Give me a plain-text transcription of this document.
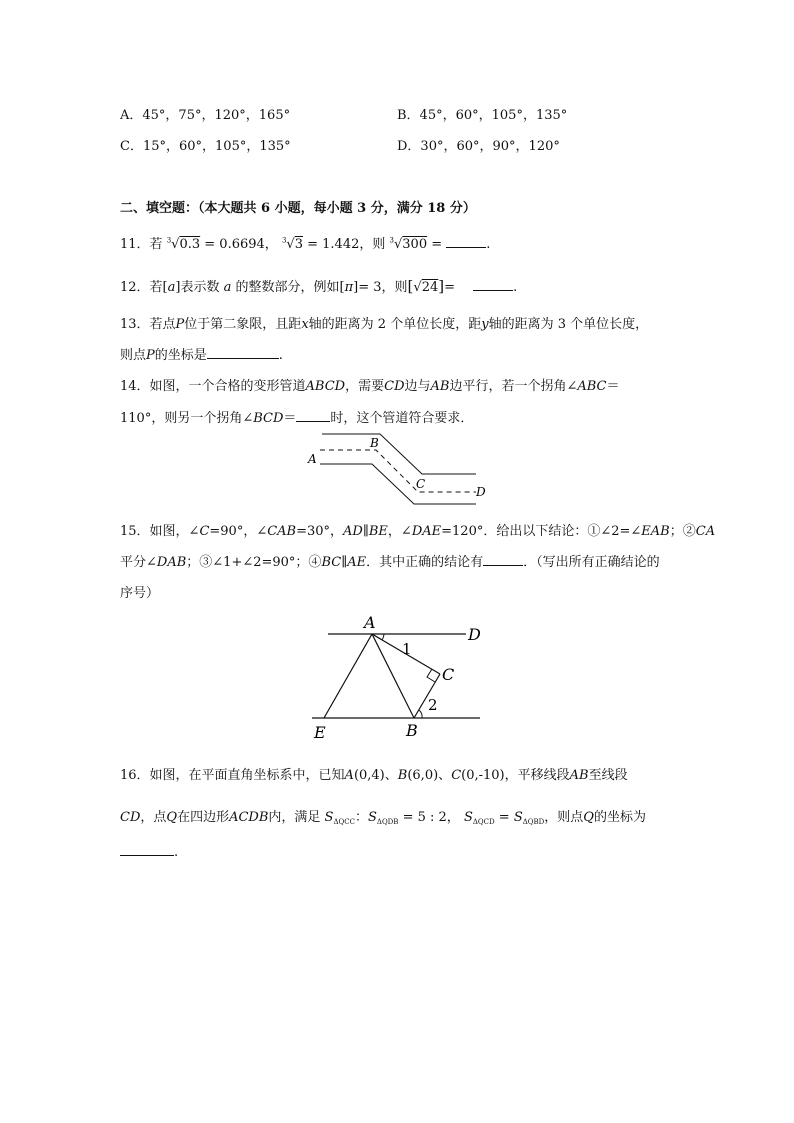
A．45°，75°，120°，165°	B．45°，60°，105°，135°
C．15°，60°，105°，135°	D．30°，60°，90°，120°
二、填空题：（本大题共 6 小题，每小题 3 分，满分 18 分）
11．若 $^3$√0.3 = 0.6694， $^3$√3 = 1.442，则 $^3$√300 =	.
12．若[a]表示数 a 的整数部分，例如[π]= 3，则[√24]=	.
13．若点P位于第二象限，且距x轴的距离为 2 个单位长度，距y轴的距离为 3 个单位长度，
则点P的坐标是	.
14．如图，一个合格的变形管道ABCD，需要CD边与AB边平行，若一个拐角∠ABC＝
110°，则另一个拐角∠BCD＝	时，这个管道符合要求．
A
B
C
D
15．如图，∠C=90°，∠CAB=30°，AD∥BE，∠DAE=120°．给出以下结论：①∠2=∠EAB；②CA
平分∠DAB；③∠1+∠2=90°；④BC∥AE．其中正确的结论有	．（写出所有正确结论的
序号）
A
D
C
E	B
1
2
16．如图，在平面直角坐标系中，已知A(0,4)、B(6,0)、C(0,-10)，平移线段AB至线段
CD，点Q在四边形ACDB内，满足 $S_{\Delta QCC}$：$S_{\Delta QDB} = 5$ : 2， $S_{\Delta QCD} = S_{\Delta QBD}$，则点Q的坐标为
.
